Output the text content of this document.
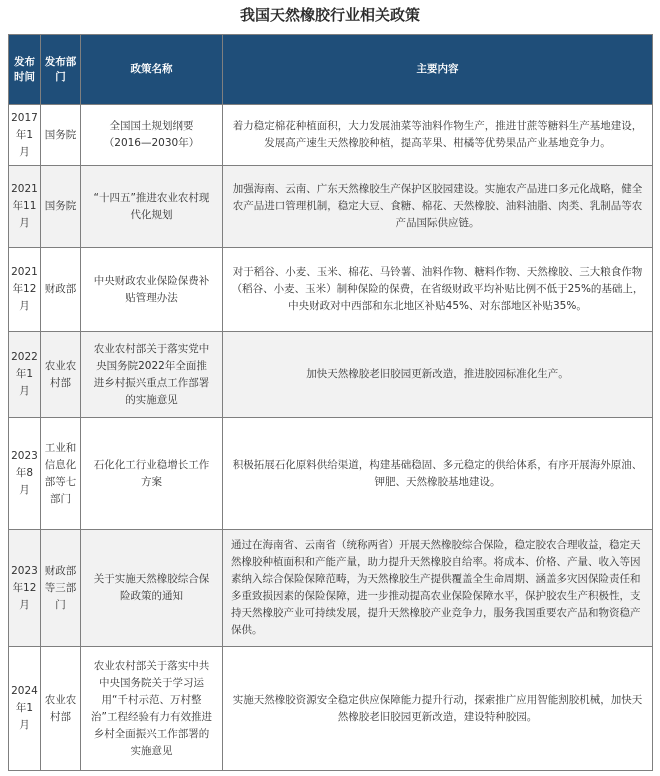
我国天然橡胶行业相关政策
发布时间	发布部门	政策名称	主要内容
2017年1月	国务院	全国国土规划纲要（2016—2030年）	着力稳定棉花种植面积，大力发展油菜等油料作物生产，推进甘蔗等糖料生产基地建设，发展高产速生天然橡胶种植，提高苹果、柑橘等优势果品产业基地竞争力。
2021年11月	国务院	“十四五”推进农业农村现代化规划	加强海南、云南、广东天然橡胶生产保护区胶园建设。实施农产品进口多元化战略，健全农产品进口管理机制，稳定大豆、食糖、棉花、天然橡胶、油料油脂、肉类、乳制品等农产品国际供应链。
2021年12月	财政部	中央财政农业保险保费补贴管理办法	对于稻谷、小麦、玉米、棉花、马铃薯、油料作物、糖料作物、天然橡胶、三大粮食作物（稻谷、小麦、玉米）制种保险的保费，在省级财政平均补贴比例不低于25%的基础上，中央财政对中西部和东北地区补贴45%、对东部地区补贴35%。
2022年1月	农业农村部	农业农村部关于落实党中央国务院2022年全面推进乡村振兴重点工作部署的实施意见	加快天然橡胶老旧胶园更新改造，推进胶园标准化生产。
2023年8月	工业和信息化部等七部门	石化化工行业稳增长工作方案	积极拓展石化原料供给渠道，构建基础稳固、多元稳定的供给体系，有序开展海外原油、钾肥、天然橡胶基地建设。
2023年12月	财政部等三部门	关于实施天然橡胶综合保险政策的通知	通过在海南省、云南省（统称两省）开展天然橡胶综合保险，稳定胶农合理收益，稳定天然橡胶种植面积和产能产量，助力提升天然橡胶自给率。将成本、价格、产量、收入等因素纳入综合保险保障范畴，为天然橡胶生产提供覆盖全生命周期、涵盖多灾因保险责任和多重致损因素的保险保障，进一步推动提高农业保险保障水平，保护胶农生产积极性，支持天然橡胶产业可持续发展，提升天然橡胶产业竞争力，服务我国重要农产品和物资稳产保供。
2024年1月	农业农村部	农业农村部关于落实中共中央国务院关于学习运用“千村示范、万村整治”工程经验有力有效推进乡村全面振兴工作部署的实施意见	实施天然橡胶资源安全稳定供应保障能力提升行动，探索推广应用智能割胶机械，加快天然橡胶老旧胶园更新改造，建设特种胶园。
